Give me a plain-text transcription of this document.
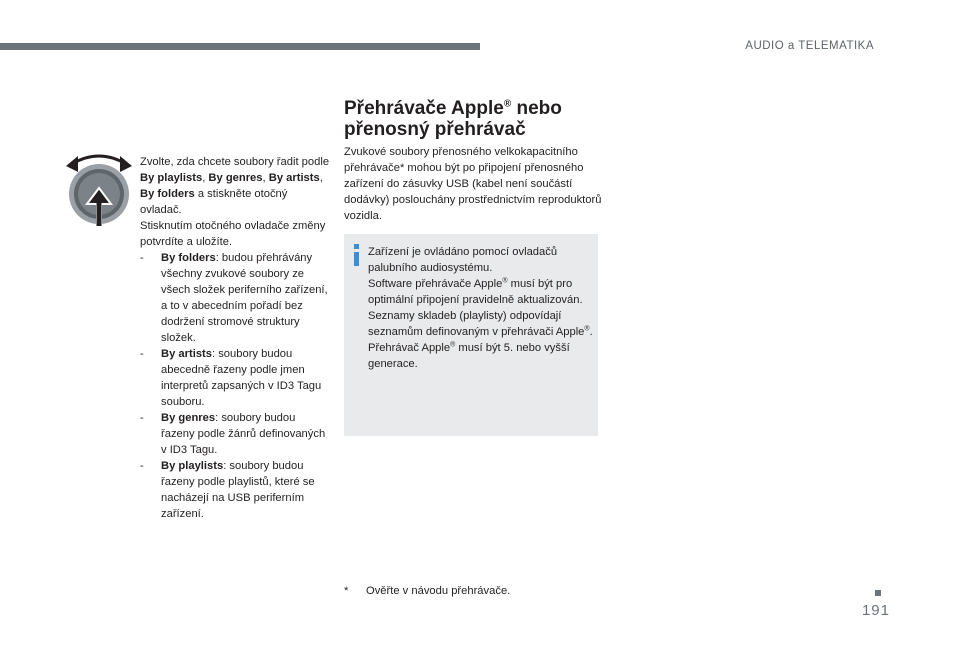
AUDIO a TELEMATIKA

Zvolte, zda chcete soubory řadit podle By playlists, By genres, By artists, By folders a stiskněte otočný ovladač.

Stisknutím otočného ovladače změny potvrdíte a uložíte.

- By folders: budou přehrávány všechny zvukové soubory ze všech složek periferního zařízení, a to v abecedním pořadí bez dodržení stromové struktury složek.
- By artists: soubory budou abecedně řazeny podle jmen interpretů zapsaných v ID3 Tagu souboru.
- By genres: soubory budou řazeny podle žánrů definovaných v ID3 Tagu.
- By playlists: soubory budou řazeny podle playlistů, které se nacházejí na USB periferním zařízení.
Přehrávače Apple® nebo přenosný přehrávač

Zvukové soubory přenosného velkokapacitního přehrávače* mohou být po připojení přenosného zařízení do zásuvky USB (kabel není součástí dodávky) poslouchány prostřednictvím reproduktorů vozidla.

Zařízení je ovládáno pomocí ovladačů palubního audiosystému.
Software přehrávače Apple® musí být pro optimální připojení pravidelně aktualizován.
Seznamy skladeb (playlisty) odpovídají seznamům definovaným v přehrávači Apple®.
Přehrávač Apple® musí být 5. nebo vyšší generace.

* Ověřte v návodu přehrávače.
191
